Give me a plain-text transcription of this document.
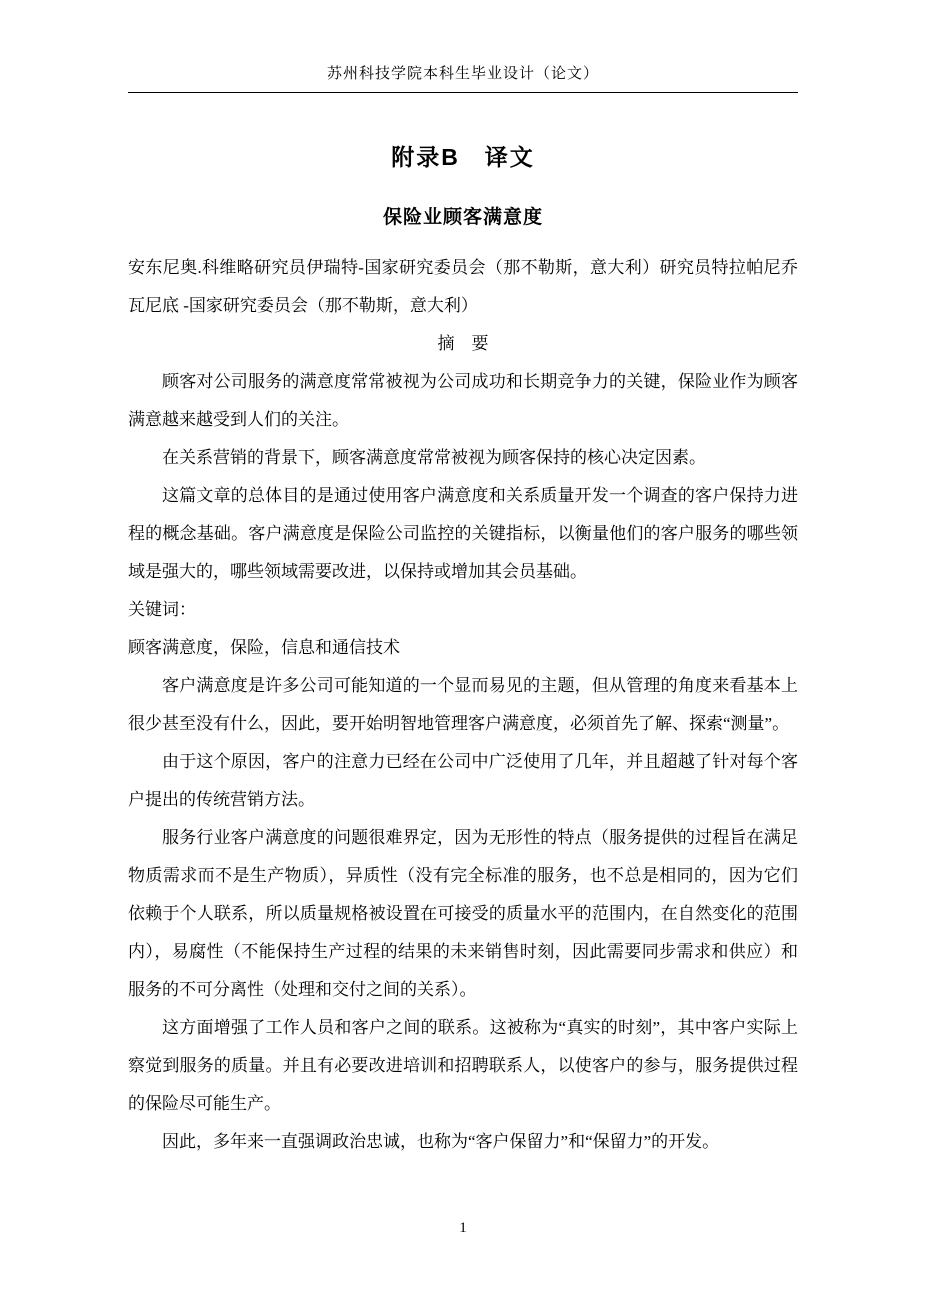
苏州科技学院本科生毕业设计（论文）
附录B　译文
保险业顾客满意度

安东尼奥.科维略研究员伊瑞特-国家研究委员会（那不勒斯，意大利）研究员特拉帕尼乔瓦尼底 -国家研究委员会（那不勒斯，意大利）

摘　要

顾客对公司服务的满意度常常被视为公司成功和长期竞争力的关键，保险业作为顾客满意越来越受到人们的关注。

在关系营销的背景下，顾客满意度常常被视为顾客保持的核心决定因素。

这篇文章的总体目的是通过使用客户满意度和关系质量开发一个调查的客户保持力进程的概念基础。客户满意度是保险公司监控的关键指标，以衡量他们的客户服务的哪些领域是强大的，哪些领域需要改进，以保持或增加其会员基础。

关键词：

顾客满意度，保险，信息和通信技术

客户满意度是许多公司可能知道的一个显而易见的主题，但从管理的角度来看基本上很少甚至没有什么，因此，要开始明智地管理客户满意度，必须首先了解、探索“测量”。

由于这个原因，客户的注意力已经在公司中广泛使用了几年，并且超越了针对每个客户提出的传统营销方法。

服务行业客户满意度的问题很难界定，因为无形性的特点（服务提供的过程旨在满足物质需求而不是生产物质），异质性（没有完全标准的服务，也不总是相同的，因为它们依赖于个人联系，所以质量规格被设置在可接受的质量水平的范围内，在自然变化的范围内），易腐性（不能保持生产过程的结果的未来销售时刻，因此需要同步需求和供应）和服务的不可分离性（处理和交付之间的关系）。

这方面增强了工作人员和客户之间的联系。这被称为“真实的时刻”，其中客户实际上察觉到服务的质量。并且有必要改进培训和招聘联系人，以使客户的参与，服务提供过程的保险尽可能生产。

因此，多年来一直强调政治忠诚，也称为“客户保留力”和“保留力”的开发。

1
